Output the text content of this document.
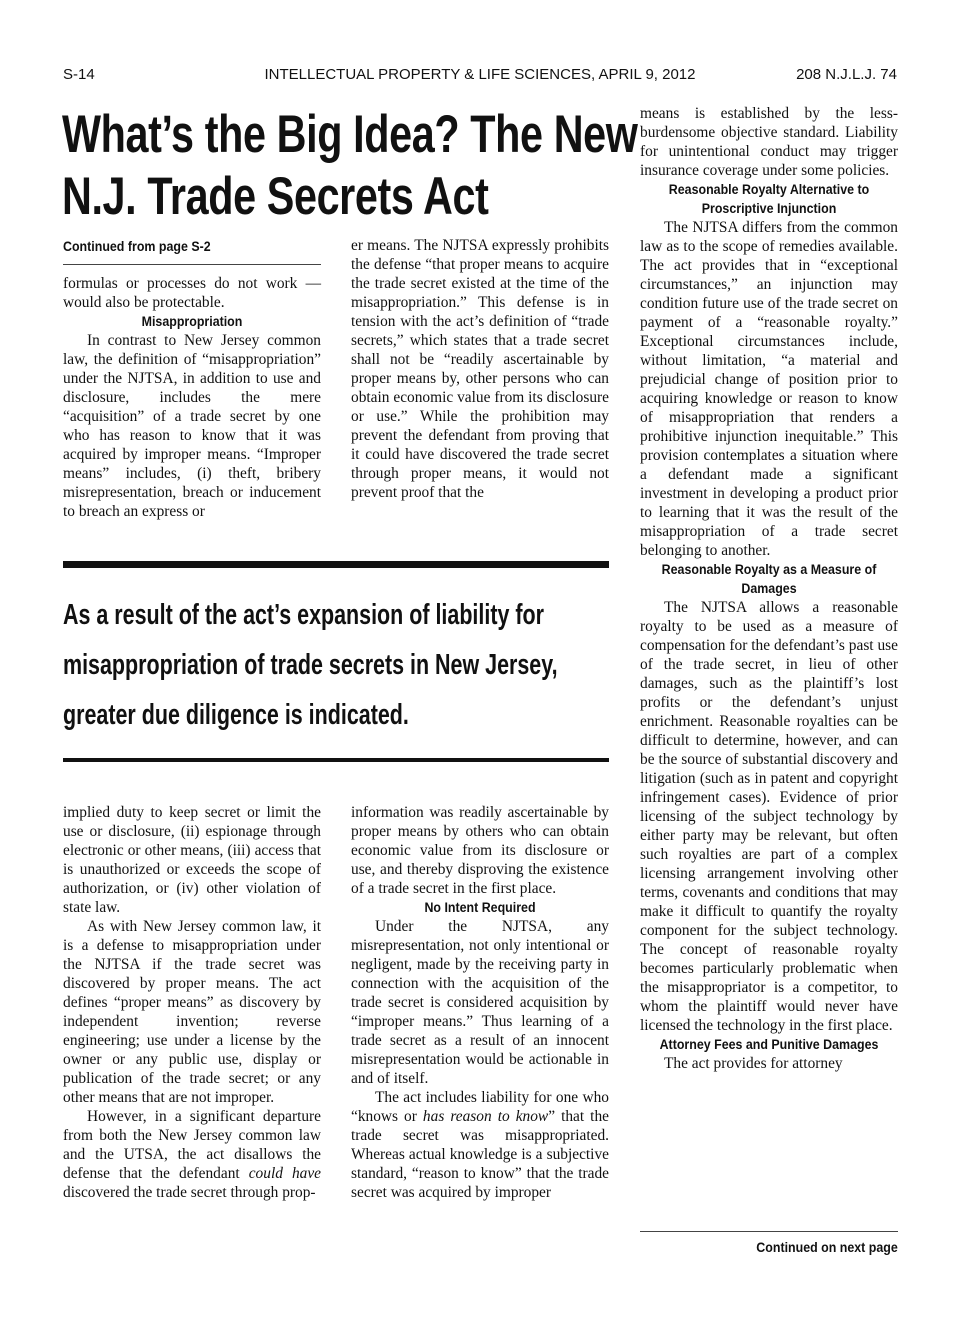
S-14	INTELLECTUAL PROPERTY & LIFE SCIENCES, APRIL 9, 2012	208 N.J.L.J. 74
What’s the Big Idea? The New
N.J. Trade Secrets Act
Continued from page S-2

formulas or processes do not work — would also be protectable.

Misappropriation

In contrast to New Jersey common law, the definition of “misappropriation” under the NJTSA, in addition to use and disclosure, includes the mere “acquisition” of a trade secret by one who has reason to know that it was acquired by improper means. “Improper means” includes, (i) theft, bribery misrepresentation, breach or inducement to breach an express or

er means. The NJTSA expressly prohibits the defense “that proper means to acquire the trade secret existed at the time of the misappropriation.” This defense is in tension with the act’s definition of “trade secrets,” which states that a trade secret shall not be “readily ascertainable by proper means by, other persons who can obtain economic value from its disclosure or use.” While the prohibition may prevent the defendant from proving that it could have discovered the trade secret through proper means, it would not prevent proof that the

As a result of the act’s expansion of liability for
misappropriation of trade secrets in New Jersey,
greater due diligence is indicated.

means is established by the less-burdensome objective standard. Liability for unintentional conduct may trigger insurance coverage under some policies.

Reasonable Royalty Alternative to Proscriptive Injunction

The NJTSA differs from the common law as to the scope of remedies available. The act provides that in “exceptional circumstances,” an injunction may condition future use of the trade secret on payment of a “reasonable royalty.” Exceptional circumstances include, without limitation, “a material and prejudicial change of position prior to acquiring knowledge or reason to know of misappropriation that renders a prohibitive injunction inequitable.” This provision contemplates a situation where a defendant made a significant investment in developing a product prior to learning that it was the result of the misappropriation of a trade secret belonging to another.

Reasonable Royalty as a Measure of Damages

The NJTSA allows a reasonable royalty to be used as a measure of compensation for the defendant’s past use of the trade secret, in lieu of other damages, such as the plaintiff’s lost profits or the defendant’s unjust enrichment. Reasonable royalties can be difficult to determine, however, and can be the source of substantial discovery and litigation (such as in patent and copyright infringement cases). Evidence of prior licensing of the subject technology by either party may be relevant, but often such royalties are part of a complex licensing arrangement involving other terms, covenants and conditions that may make it difficult to quantify the royalty component for the subject technology. The concept of reasonable royalty becomes particularly problematic when the misappropriator is a competitor, to whom the plaintiff would never have licensed the technology in the first place.

Attorney Fees and Punitive Damages

The act provides for attorney

implied duty to keep secret or limit the use or disclosure, (ii) espionage through electronic or other means, (iii) access that is unauthorized or exceeds the scope of authorization, or (iv) other violation of state law.

As with New Jersey common law, it is a defense to misappropriation under the NJTSA if the trade secret was discovered by proper means. The act defines “proper means” as discovery by independent invention; reverse engineering; use under a license by the owner or any public use, display or publication of the trade secret; or any other means that are not improper.

However, in a significant departure from both the New Jersey common law and the UTSA, the act disallows the defense that the defendant could have discovered the trade secret through prop-

information was readily ascertainable by proper means by others who can obtain economic value from its disclosure or use, and thereby disproving the existence of a trade secret in the first place.

No Intent Required

Under the NJTSA, any misrepresentation, not only intentional or negligent, made by the receiving party in connection with the acquisition of the trade secret is considered acquisition by “improper means.” Thus learning of a trade secret as a result of an innocent misrepresentation would be actionable in and of itself.

The act includes liability for one who “knows or has reason to know” that the trade secret was misappropriated. Whereas actual knowledge is a subjective standard, “reason to know” that the trade secret was acquired by improper

Continued on next page
